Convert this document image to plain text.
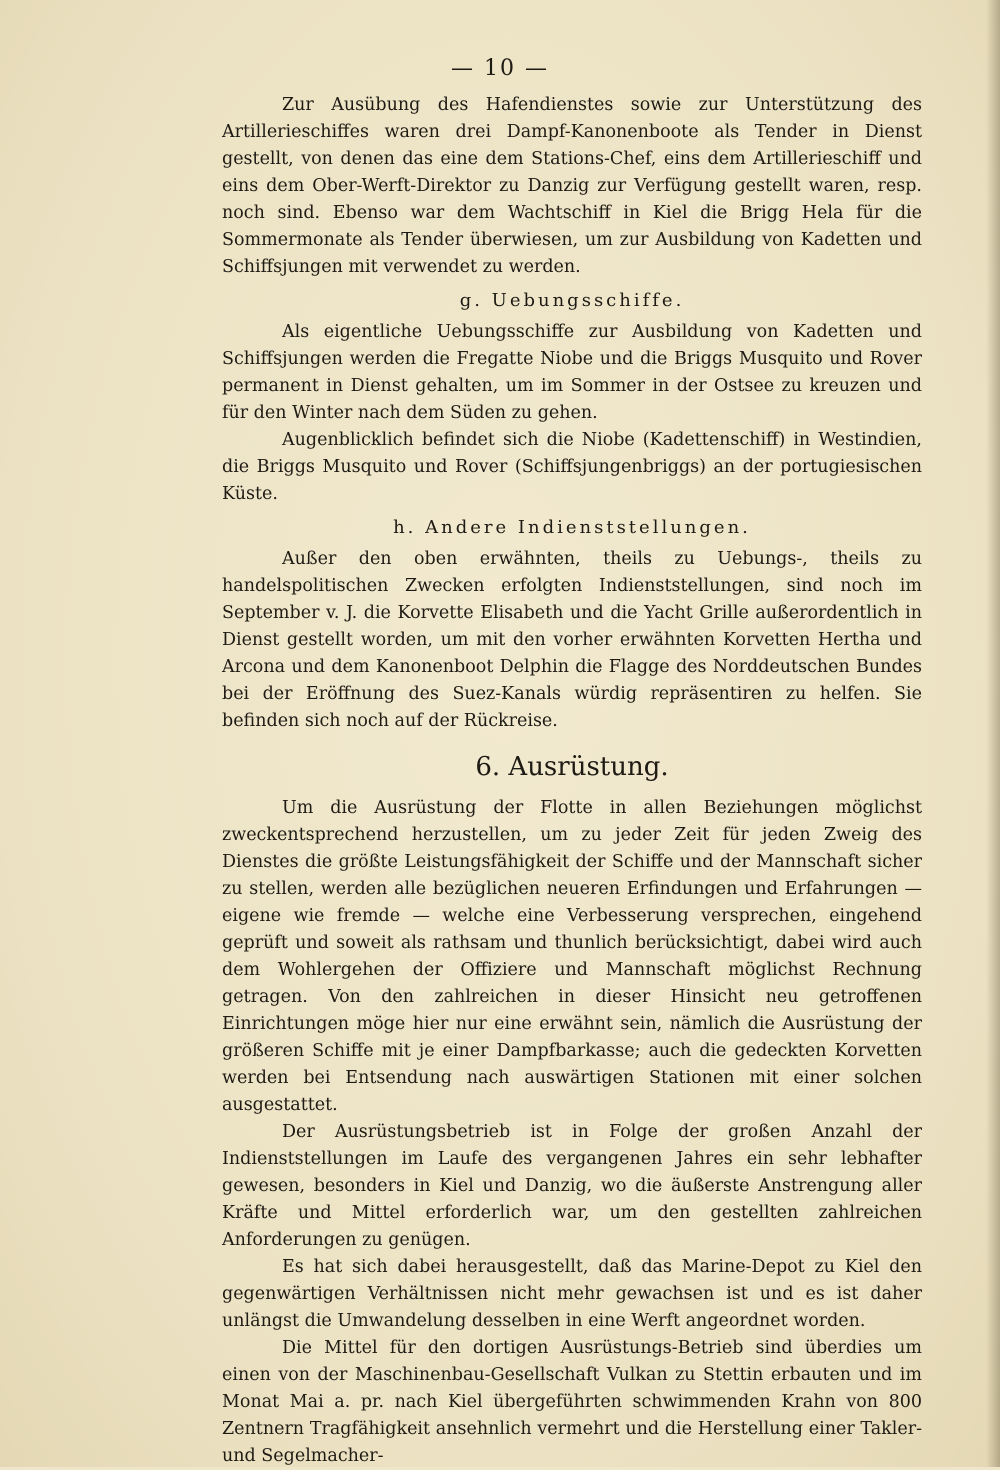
— 10 —

Zur Ausübung des Hafendienstes sowie zur Unterstützung des Artillerieschiffes waren drei Dampf-Kanonenboote als Tender in Dienst gestellt, von denen das eine dem Stations-Chef, eins dem Artillerieschiff und eins dem Ober-Werft-Direktor zu Danzig zur Verfügung gestellt waren, resp. noch sind. Ebenso war dem Wachtschiff in Kiel die Brigg Hela für die Sommermonate als Tender überwiesen, um zur Ausbildung von Kadetten und Schiffsjungen mit verwendet zu werden.

g. Uebungsschiffe.

Als eigentliche Uebungsschiffe zur Ausbildung von Kadetten und Schiffsjungen werden die Fregatte Niobe und die Briggs Musquito und Rover permanent in Dienst gehalten, um im Sommer in der Ostsee zu kreuzen und für den Winter nach dem Süden zu gehen.

Augenblicklich befindet sich die Niobe (Kadettenschiff) in Westindien, die Briggs Musquito und Rover (Schiffsjungenbriggs) an der portugiesischen Küste.

h. Andere Indienststellungen.

Außer den oben erwähnten, theils zu Uebungs-, theils zu handelspolitischen Zwecken erfolgten Indienststellungen, sind noch im September v. J. die Korvette Elisabeth und die Yacht Grille außerordentlich in Dienst gestellt worden, um mit den vorher erwähnten Korvetten Hertha und Arcona und dem Kanonenboot Delphin die Flagge des Norddeutschen Bundes bei der Eröffnung des Suez-Kanals würdig repräsentiren zu helfen. Sie befinden sich noch auf der Rückreise.

6. Ausrüstung.

Um die Ausrüstung der Flotte in allen Beziehungen möglichst zweckentsprechend herzustellen, um zu jeder Zeit für jeden Zweig des Dienstes die größte Leistungsfähigkeit der Schiffe und der Mannschaft sicher zu stellen, werden alle bezüglichen neueren Erfindungen und Erfahrungen — eigene wie fremde — welche eine Verbesserung versprechen, eingehend geprüft und soweit als rathsam und thunlich berücksichtigt, dabei wird auch dem Wohlergehen der Offiziere und Mannschaft möglichst Rechnung getragen. Von den zahlreichen in dieser Hinsicht neu getroffenen Einrichtungen möge hier nur eine erwähnt sein, nämlich die Ausrüstung der größeren Schiffe mit je einer Dampfbarkasse; auch die gedeckten Korvetten werden bei Entsendung nach auswärtigen Stationen mit einer solchen ausgestattet.

Der Ausrüstungsbetrieb ist in Folge der großen Anzahl der Indienststellungen im Laufe des vergangenen Jahres ein sehr lebhafter gewesen, besonders in Kiel und Danzig, wo die äußerste Anstrengung aller Kräfte und Mittel erforderlich war, um den gestellten zahlreichen Anforderungen zu genügen.

Es hat sich dabei herausgestellt, daß das Marine-Depot zu Kiel den gegenwärtigen Verhältnissen nicht mehr gewachsen ist und es ist daher unlängst die Umwandelung desselben in eine Werft angeordnet worden.

Die Mittel für den dortigen Ausrüstungs-Betrieb sind überdies um einen von der Maschinenbau-Gesellschaft Vulkan zu Stettin erbauten und im Monat Mai a. pr. nach Kiel übergeführten schwimmenden Krahn von 800 Zentnern Tragfähigkeit ansehnlich vermehrt und die Herstellung einer Takler- und Segelmacher-
